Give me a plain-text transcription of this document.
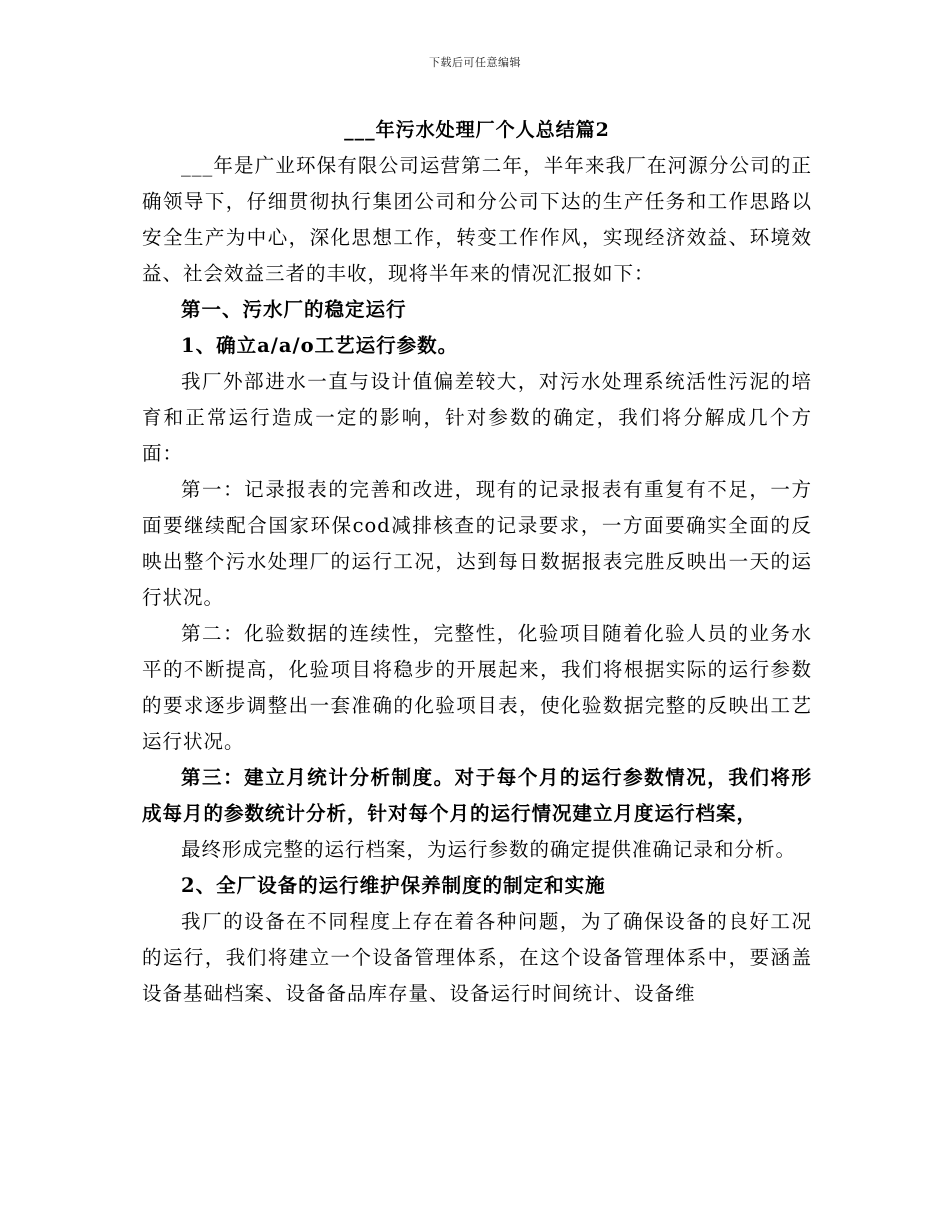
下载后可任意编辑

___年污水处理厂个人总结篇2

___年是广业环保有限公司运营第二年，半年来我厂在河源分公司的正确领导下，仔细贯彻执行集团公司和分公司下达的生产任务和工作思路以安全生产为中心，深化思想工作，转变工作作风，实现经济效益、环境效益、社会效益三者的丰收，现将半年来的情况汇报如下：

第一、污水厂的稳定运行

1、确立a/a/o工艺运行参数。

我厂外部进水一直与设计值偏差较大，对污水处理系统活性污泥的培育和正常运行造成一定的影响，针对参数的确定，我们将分解成几个方面：

第一：记录报表的完善和改进，现有的记录报表有重复有不足，一方面要继续配合国家环保cod减排核查的记录要求，一方面要确实全面的反映出整个污水处理厂的运行工况，达到每日数据报表完胜反映出一天的运行状况。

第二：化验数据的连续性，完整性，化验项目随着化验人员的业务水平的不断提高，化验项目将稳步的开展起来，我们将根据实际的运行参数的要求逐步调整出一套准确的化验项目表，使化验数据完整的反映出工艺运行状况。

第三：建立月统计分析制度。对于每个月的运行参数情况，我们将形成每月的参数统计分析，针对每个月的运行情况建立月度运行档案，

最终形成完整的运行档案，为运行参数的确定提供准确记录和分析。

2、全厂设备的运行维护保养制度的制定和实施

我厂的设备在不同程度上存在着各种问题，为了确保设备的良好工况的运行，我们将建立一个设备管理体系，在这个设备管理体系中，要涵盖设备基础档案、设备备品库存量、设备运行时间统计、设备维
